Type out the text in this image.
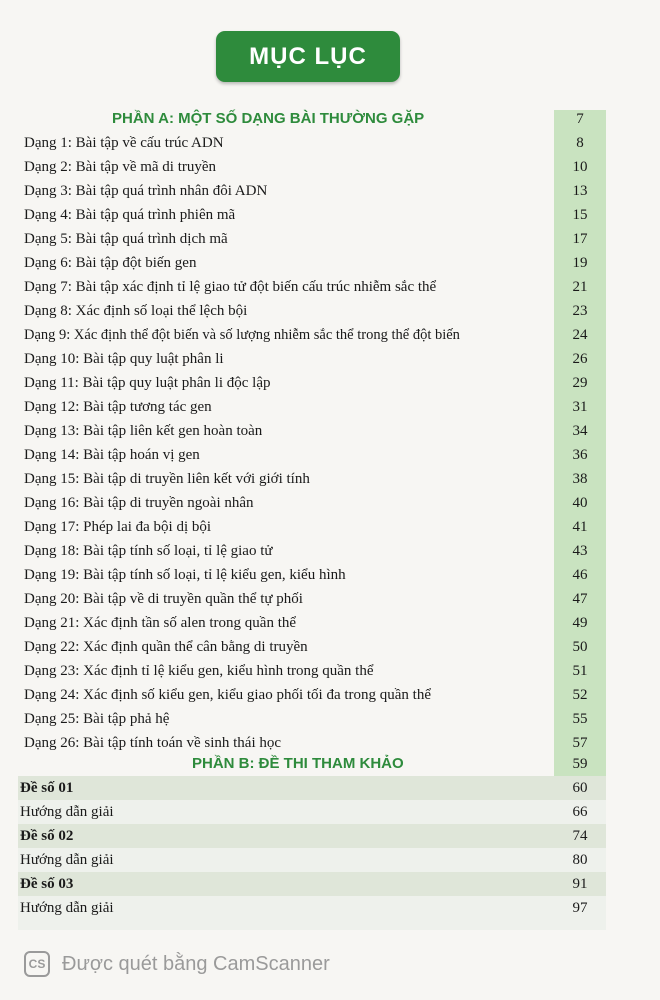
MỤC LỤC
PHẦN A: MỘT SỐ DẠNG BÀI THƯỜNG GẶP	7
Dạng 1: Bài tập về cấu trúc ADN	8
Dạng 2: Bài tập về mã di truyền	10
Dạng 3: Bài tập quá trình nhân đôi ADN	13
Dạng 4: Bài tập quá trình phiên mã	15
Dạng 5: Bài tập quá trình dịch mã	17
Dạng 6: Bài tập đột biến gen	19
Dạng 7: Bài tập xác định tỉ lệ giao tử đột biến cấu trúc nhiễm sắc thể	21
Dạng 8: Xác định số loại thể lệch bội	23
Dạng 9: Xác định thể đột biến và số lượng nhiễm sắc thể trong thể đột biến	24
Dạng 10: Bài tập quy luật phân li	26
Dạng 11: Bài tập quy luật phân li độc lập	29
Dạng 12: Bài tập tương tác gen	31
Dạng 13: Bài tập liên kết gen hoàn toàn	34
Dạng 14: Bài tập hoán vị gen	36
Dạng 15: Bài tập di truyền liên kết với giới tính	38
Dạng 16: Bài tập di truyền ngoài nhân	40
Dạng 17: Phép lai đa bội dị bội	41
Dạng 18: Bài tập tính số loại, tỉ lệ giao tử	43
Dạng 19: Bài tập tính số loại, tỉ lệ kiểu gen, kiểu hình	46
Dạng 20: Bài tập về di truyền quần thể tự phối	47
Dạng 21: Xác định tần số alen trong quần thể	49
Dạng 22: Xác định quần thể cân bằng di truyền	50
Dạng 23: Xác định tỉ lệ kiểu gen, kiểu hình trong quần thể	51
Dạng 24: Xác định số kiểu gen, kiểu giao phối tối đa trong quần thể	52
Dạng 25: Bài tập phả hệ	55
Dạng 26: Bài tập tính toán về sinh thái học	57
PHẦN B: ĐỀ THI THAM KHẢO	59
Đề số 01	60
Hướng dẫn giải	66
Đề số 02	74
Hướng dẫn giải	80
Đề số 03	91
Hướng dẫn giải	97
CS Được quét bằng CamScanner
